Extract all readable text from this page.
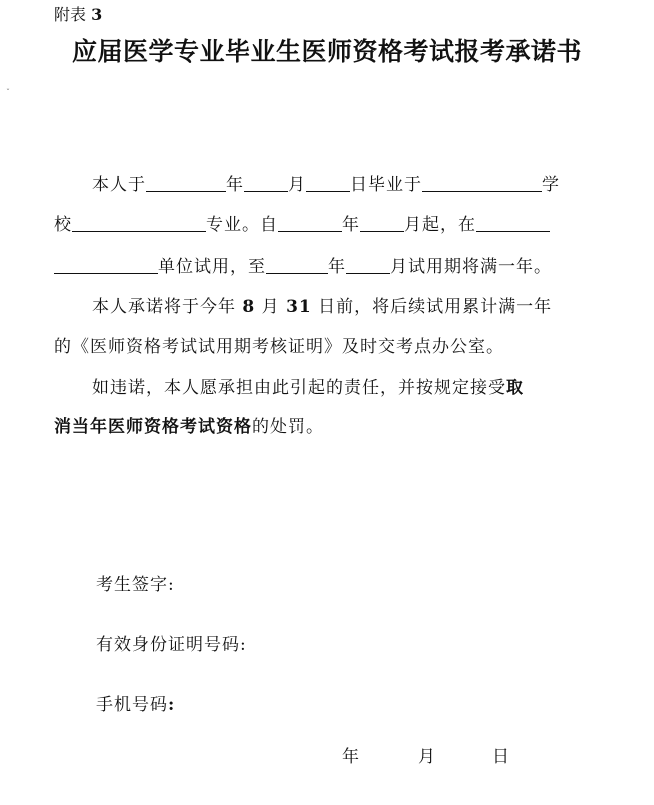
附表 3
应届医学专业毕业生医师资格考试报考承诺书
ˇ
本人于	年	月	日毕业于	学
校	专业。自	年	月起，在
单位试用，至	年	月试用期将满一年。
本人承诺将于今年 8 月 31 日前，将后续试用累计满一年
的《医师资格考试试用期考核证明》及时交考点办公室。
如违诺，本人愿承担由此引起的责任，并按规定接受取
消当年医师资格考试资格的处罚。
考生签字:
有效身份证明号码:
手机号码:
年	月	日
